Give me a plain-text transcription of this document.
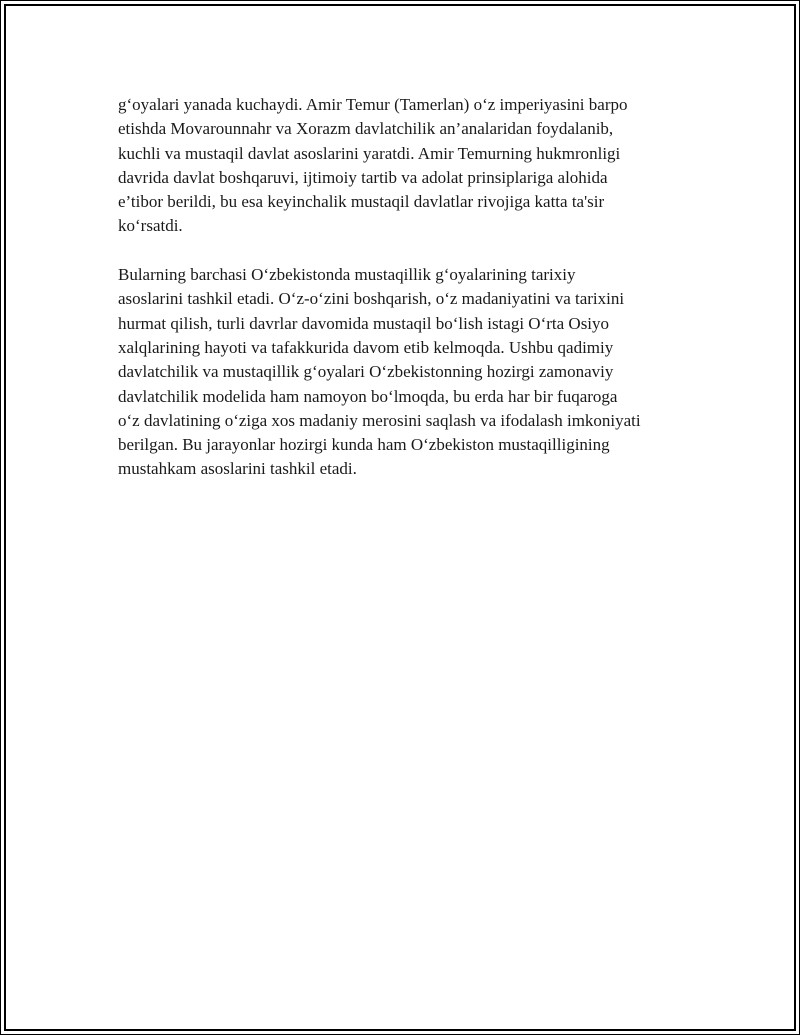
g‘oyalari yanada kuchaydi. Amir Temur (Tamerlan) o‘z imperiyasini barpo
etishda Movarounnahr va Xorazm davlatchilik an’analaridan foydalanib,
kuchli va mustaqil davlat asoslarini yaratdi. Amir Temurning hukmronligi
davrida davlat boshqaruvi, ijtimoiy tartib va adolat prinsiplariga alohida
e’tibor berildi, bu esa keyinchalik mustaqil davlatlar rivojiga katta ta'sir
ko‘rsatdi.

Bularning barchasi O‘zbekistonda mustaqillik g‘oyalarining tarixiy
asoslarini tashkil etadi. O‘z-o‘zini boshqarish, o‘z madaniyatini va tarixini
hurmat qilish, turli davrlar davomida mustaqil bo‘lish istagi O‘rta Osiyo
xalqlarining hayoti va tafakkurida davom etib kelmoqda. Ushbu qadimiy
davlatchilik va mustaqillik g‘oyalari O‘zbekistonning hozirgi zamonaviy
davlatchilik modelida ham namoyon bo‘lmoqda, bu erda har bir fuqaroga
o‘z davlatining o‘ziga xos madaniy merosini saqlash va ifodalash imkoniyati
berilgan. Bu jarayonlar hozirgi kunda ham O‘zbekiston mustaqilligining
mustahkam asoslarini tashkil etadi.
